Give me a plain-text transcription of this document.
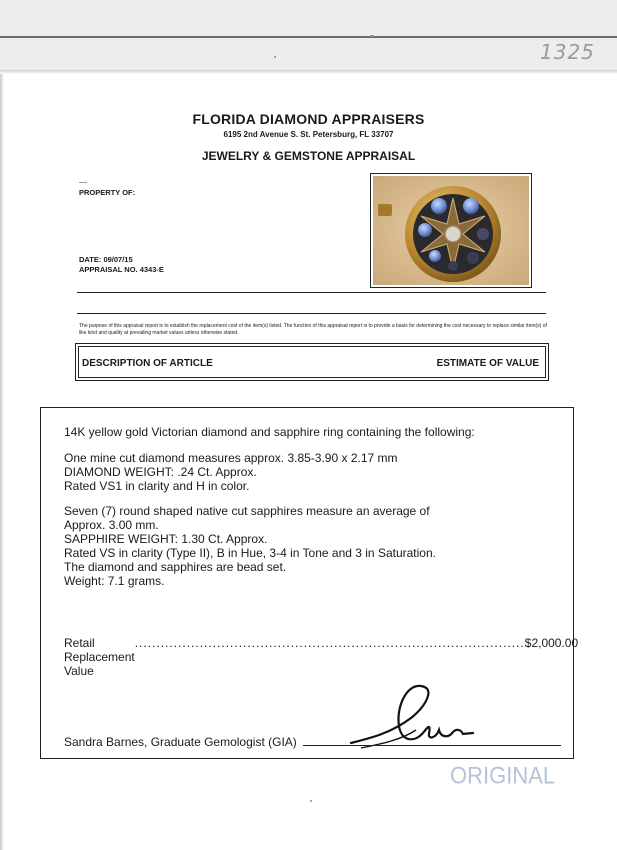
1325
FLORIDA DIAMOND APPRAISERS
6195 2nd Avenue S. St. Petersburg, FL 33707
JEWELRY & GEMSTONE APPRAISAL
PROPERTY OF:
DATE: 09/07/15
APPRAISAL NO. 4343-E
The purpose of this appraisal report is to establish the replacement cost of the item(s) listed. The function of this appraisal report is to provide a basis for determining the cost necessary to replace similar item(s) of like kind and quality at prevailing market values unless otherwise stated.
DESCRIPTION OF ARTICLE	ESTIMATE OF VALUE

14K yellow gold Victorian diamond and sapphire ring containing the following:

One mine cut diamond measures approx. 3.85-3.90 x 2.17 mm

DIAMOND WEIGHT: .24 Ct. Approx.

Rated VS1 in clarity and H in color.

Seven (7) round shaped native cut sapphires measure an average of

Approx. 3.00 mm.

SAPPHIRE WEIGHT: 1.30 Ct. Approx.

Rated VS in clarity (Type II), B in Hue, 3-4 in Tone and 3 in Saturation.

The diamond and sapphires are bead set.

Weight: 7.1 grams.

Retail Replacement Value
.......................................................................................... $2,000.00
Sandra Barnes, Graduate Gemologist (GIA)
ORIGINAL
